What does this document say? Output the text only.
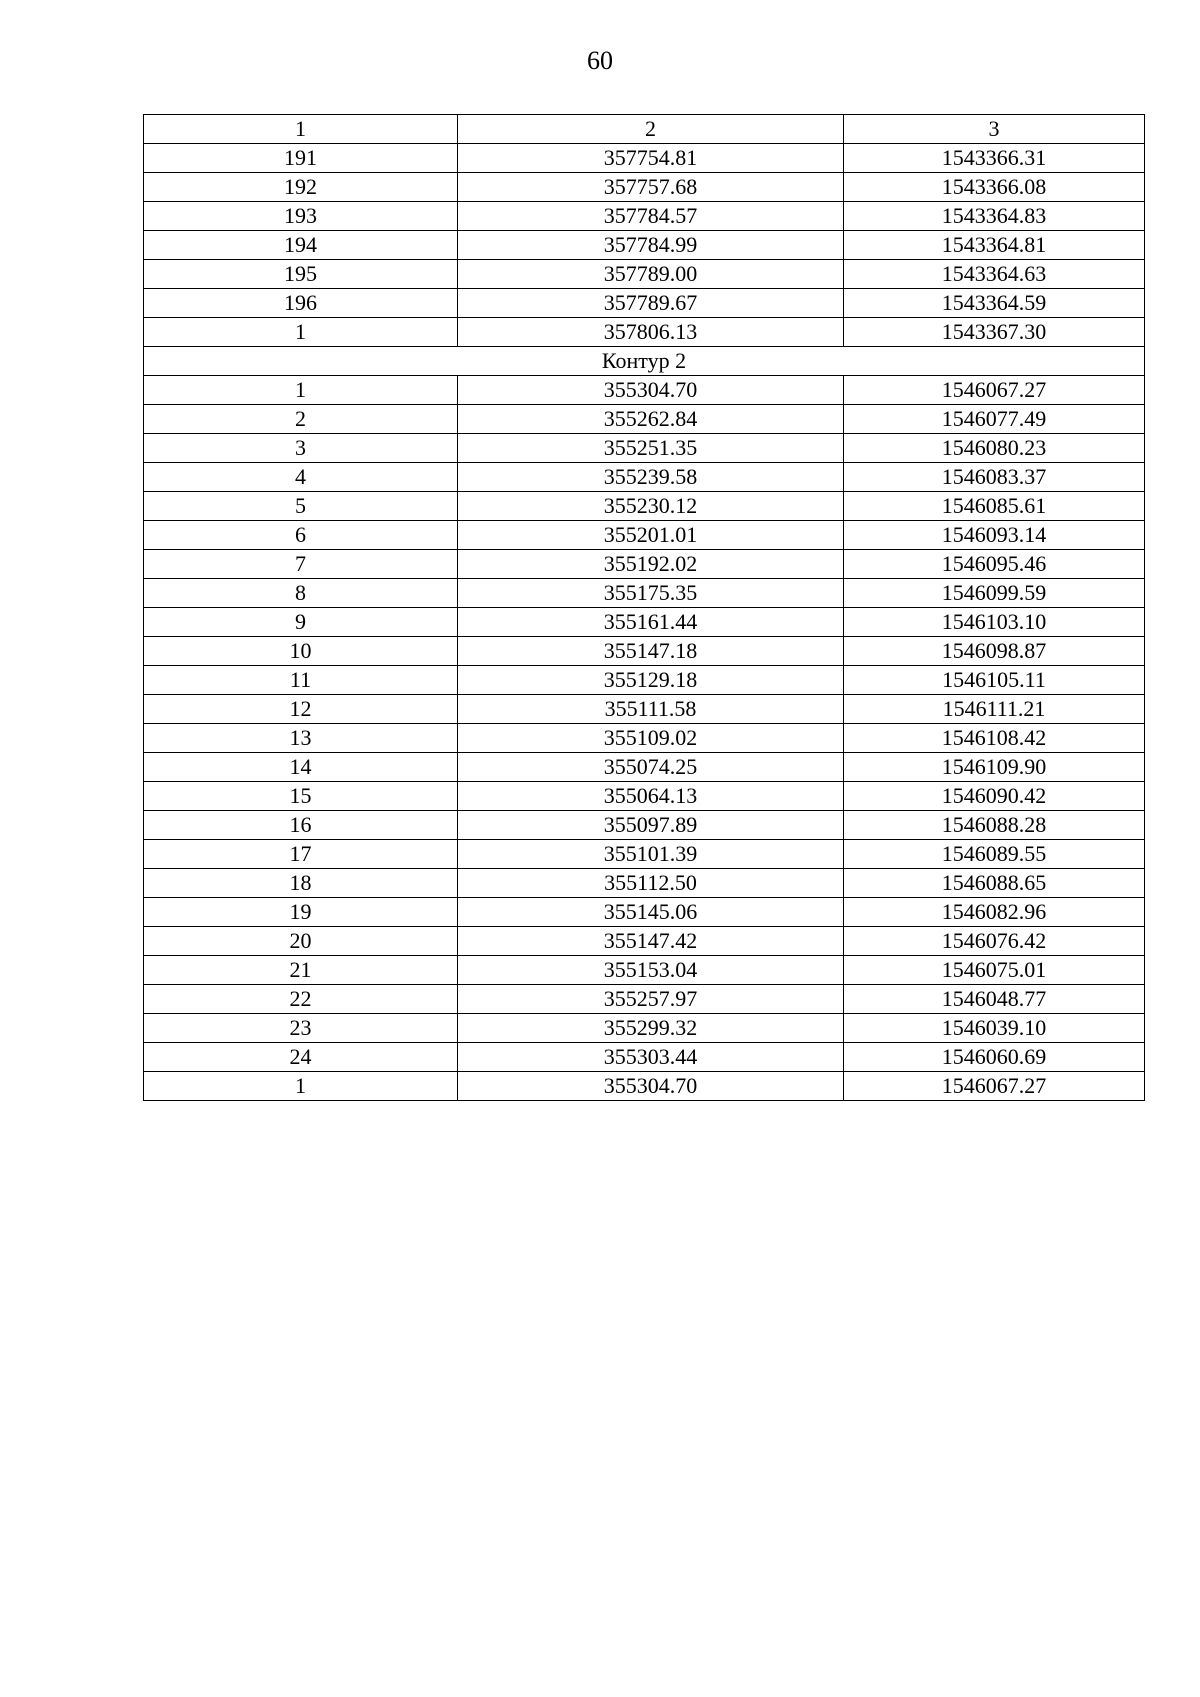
60
1	2	3
191	357754.81	1543366.31
192	357757.68	1543366.08
193	357784.57	1543364.83
194	357784.99	1543364.81
195	357789.00	1543364.63
196	357789.67	1543364.59
1	357806.13	1543367.30
Контур 2		
1	355304.70	1546067.27
2	355262.84	1546077.49
3	355251.35	1546080.23
4	355239.58	1546083.37
5	355230.12	1546085.61
6	355201.01	1546093.14
7	355192.02	1546095.46
8	355175.35	1546099.59
9	355161.44	1546103.10
10	355147.18	1546098.87
11	355129.18	1546105.11
12	355111.58	1546111.21
13	355109.02	1546108.42
14	355074.25	1546109.90
15	355064.13	1546090.42
16	355097.89	1546088.28
17	355101.39	1546089.55
18	355112.50	1546088.65
19	355145.06	1546082.96
20	355147.42	1546076.42
21	355153.04	1546075.01
22	355257.97	1546048.77
23	355299.32	1546039.10
24	355303.44	1546060.69
1	355304.70	1546067.27
